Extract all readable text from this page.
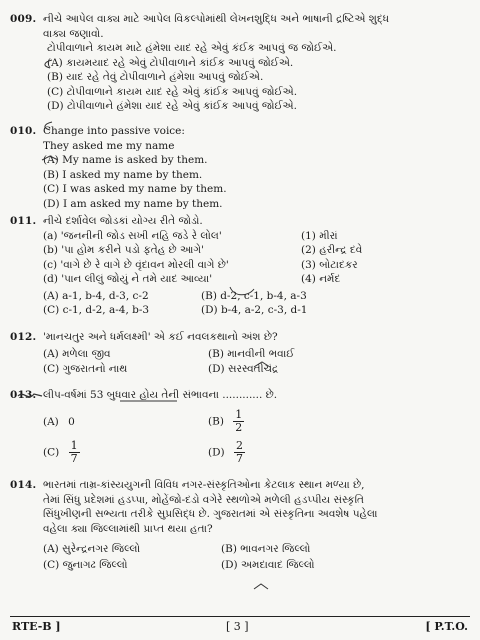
009. નીચે આપેલ વાક્ય માટે આપેલ વિકલ્પોમાંથી લેખનશુદ્ધિ અને ભાષાની દ્રષ્ટિએ શુદ્ધ
વાક્ય જણાવો.
ટોપીવાળાને કાયમ માટે હંમેશા યાદ રહે એવું કંઈક આપવું જ જોઈએ.
(A) કાયમયાદ રહે એવું ટોપીવાળાને કાંઈક આપવું જોઈએ.
(B) યાદ રહે તેવું ટોપીવાળાને હંમેશા આપવું જોઈએ.
(C) ટોપીવાળાને કાયમ યાદ રહે એવું કાંઈક આપવું જોઈએ.
(D) ટોપીવાળાને હંમેશા યાદ રહે એવું કાંઈક આપવું જોઈએ.
010. Change into passive voice:
They asked me my name
(A) My name is asked by them.
(B) I asked my name by them.
(C) I was asked my name by them.
(D) I am asked my name by them.
011. નીચે દર્શાવેલ જોડકાં યોગ્ય રીતે જોડો.
(a) 'જનનીની જોડ સખી નહિ જડે રે લોલ'	(1) મીરાં
(b) 'પા હોમ કરીને પડો ફતેહ છે આગે'	(2) હરીન્દ્ર દવે
(c) 'વાગે છે રે વાગે છે વૃંદાવન મોરલી વાગે છે'	(3) બોટાદકર
(d) 'પાન લીલું જોયું ને તમે યાદ આવ્યા'	(4) નર્મદ
(A) a-1, b-4, d-3, c-2	(B) d-2, c-1, b-4, a-3
(C) c-1, d-2, a-4, b-3	(D) b-4, a-2, c-3, d-1
012. 'માનચતુર અને ધર્મલક્ષ્મી' એ કઈ નવલકથાનો અંશ છે?
(A) મળેલા જીવ	(B) માનવીની ભવાઈ
(C) ગુજરાતનો નાથ	(D) સરસ્વતીચંદ્ર
013. લીપ-વર્ષમાં 53 બુધવાર હોય તેની સંભાવના ............ છે.
(A) 0	$(B) \frac{1}{2}$
$(C) \frac{1}{7}$	$(D) \frac{2}{7}$
014. ભારતમાં તામ્ર-કાંસ્યયુગની વિવિધ નગર-સંસ્કૃતિઓના કેટલાક સ્થાન મળ્યા છે,
તેમાં સિંધુ પ્રદેશમાં હડપ્પા, મોહેંજો-દડો વગેરે સ્થળોએ મળેલી હડપ્પીય સંસ્કૃતિ
સિંધુખીણની સભ્યતા તરીકે સુપ્રસિદ્ધ છે. ગુજરાતમાં એ સંસ્કૃતિના અવશેષ પહેલા
વહેલા ક્યા જિલ્લામાંથી પ્રાપ્ત થયા હતા?
(A) સુરેન્દ્રનગર જિલ્લો	(B) ભાવનગર જિલ્લો
(C) જુનાગઢ જિલ્લો	(D) અમદાવાદ જિલ્લો
RTE-B ]	[ 3 ]	[ P.T.O.
